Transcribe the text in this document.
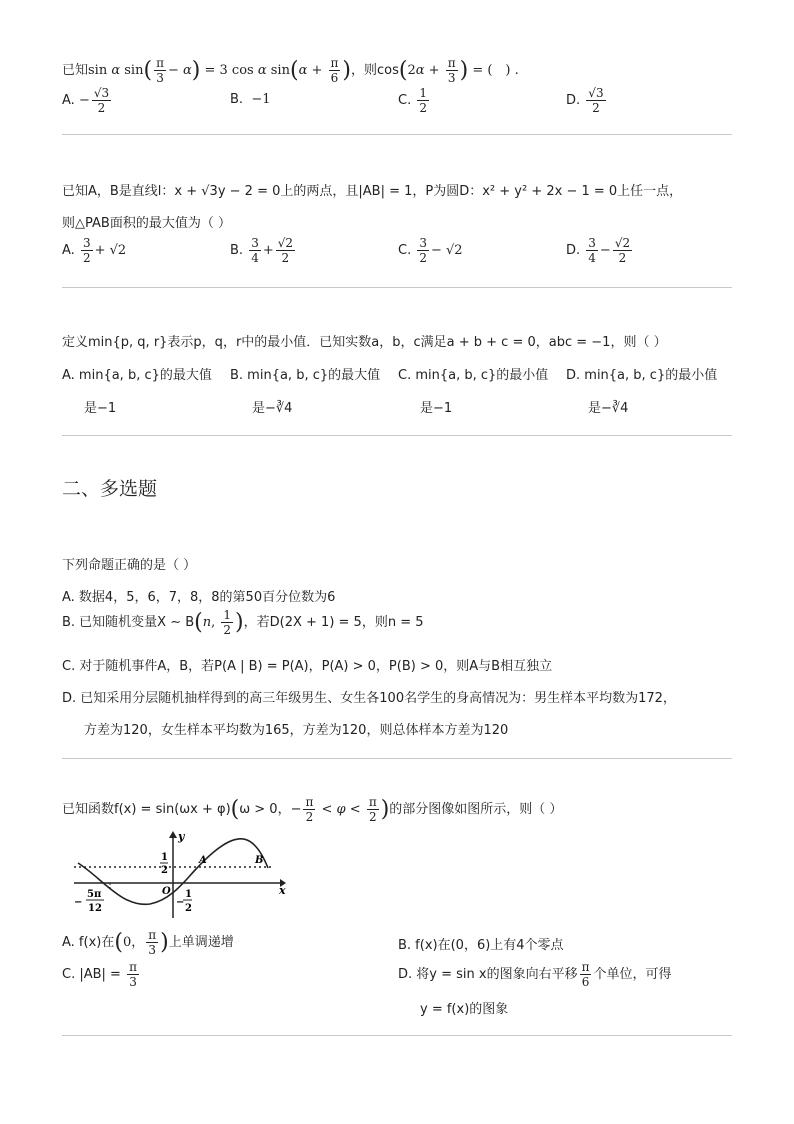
已知sin α $\sin( \frac{\pi}{3} - \alpha) = 3$ cos α $\sin(\alpha + \frac{\pi}{6}$ )，则$\cos(2\alpha + \frac{\pi}{3}$ ) = (　) .
A. − $\frac{√3}{2}$	B. −1	C. $\frac{1}{2}$	D. $\frac{√3}{2}$
已知A，B是直线l：x + √3y − 2 = 0上的两点，且|AB| = 1，P为圆D：x² + y² + 2x − 1 = 0上任一点，
则△PAB面积的最大值为（ ）
A. $\frac{3}{2} + √2$	B. $\frac{3}{4} + \frac{√2}{2}$	C. $\frac{3}{2} - √2$	D. $\frac{3}{4} - \frac{√2}{2}$
定义min{p, q, r}表示p，q，r中的最小值．已知实数a，b，c满足a + b + c = 0，abc = −1，则（ ）
A. min{a, b, c}的最大值
是−1
B. min{a, b, c}的最大值
是−∛4
C. min{a, b, c}的最小值
是−1
D. min{a, b, c}的最小值
是−∛4
二、多选题
下列命题正确的是（ ）
A. 数据4，5，6，7，8，8的第50百分位数为6
B. 已知随机变量X ∼ B(n, $\frac{1}{2}$ )，若D(2X + 1) = 5，则n = 5
C. 对于随机事件A，B，若P(A | B) = P(A)，P(A) > 0，P(B) > 0，则A与B相互独立
D. 已知采用分层随机抽样得到的高三年级男生、女生各100名学生的身高情况为：男生样本平均数为172，
方差为120，女生样本平均数为165，方差为120，则总体样本方差为120
已知函数f(x) = sin(ωx + φ)(ω > 0，− $\frac{\pi}{2} < \varphi < \frac{\pi}{2}$ )的部分图像如图所示，则（ ）
y
x
1
2
A	B
O
−
5π
12
−
1
2
A. f(x)在(0， $\frac{\pi}{3}$ )上单调递增	B. f(x)在(0，6)上有4个零点
C. $|AB| = \frac{\pi}{3}$	D. 将y = sin x的图象向右平移 $\frac{\pi}{6}$ 个单位，可得
y = f(x)的图象
